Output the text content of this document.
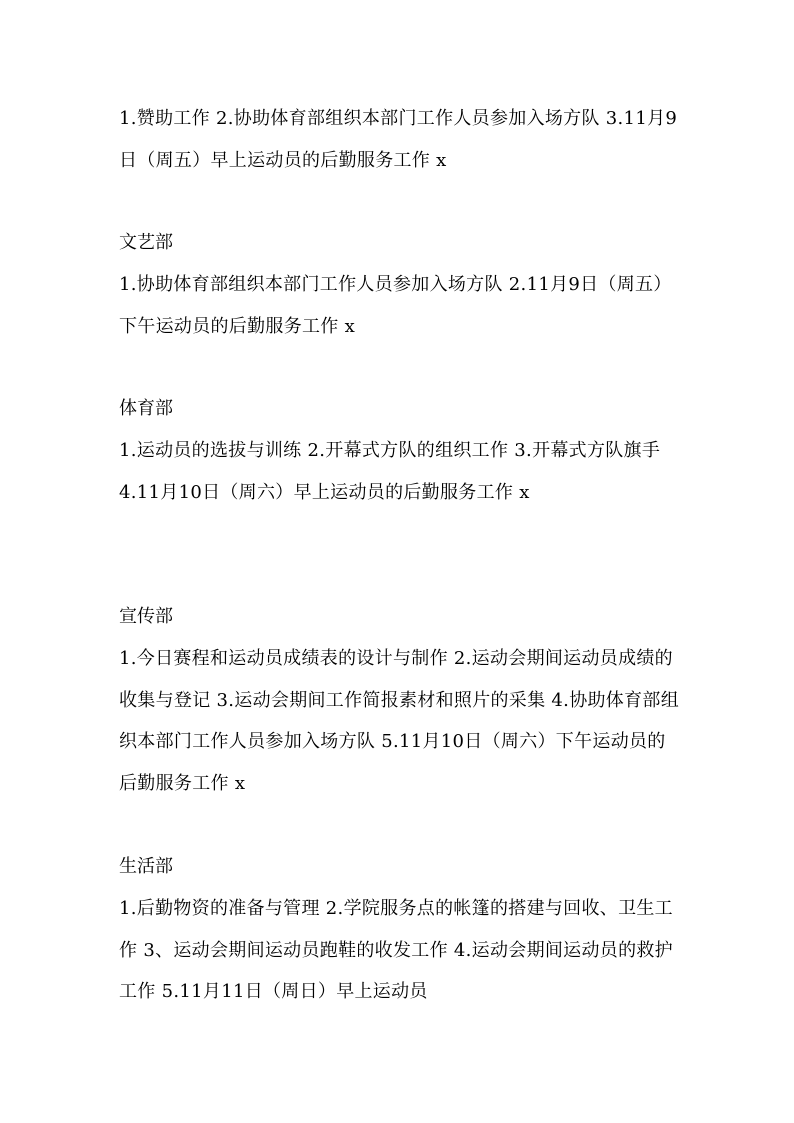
1.赞助工作 2.协助体育部组织本部门工作人员参加入场方队 3.11月9日（周五）早上运动员的后勤服务工作 x
文艺部
1.协助体育部组织本部门工作人员参加入场方队 2.11月9日（周五）下午运动员的后勤服务工作 x
体育部
1.运动员的选拔与训练 2.开幕式方队的组织工作 3.开幕式方队旗手 4.11月10日（周六）早上运动员的后勤服务工作 x
宣传部
1.今日赛程和运动员成绩表的设计与制作 2.运动会期间运动员成绩的收集与登记 3.运动会期间工作简报素材和照片的采集 4.协助体育部组织本部门工作人员参加入场方队 5.11月10日（周六）下午运动员的后勤服务工作 x
生活部
1.后勤物资的准备与管理 2.学院服务点的帐篷的搭建与回收、卫生工作 3、运动会期间运动员跑鞋的收发工作 4.运动会期间运动员的救护工作 5.11月11日（周日）早上运动员
